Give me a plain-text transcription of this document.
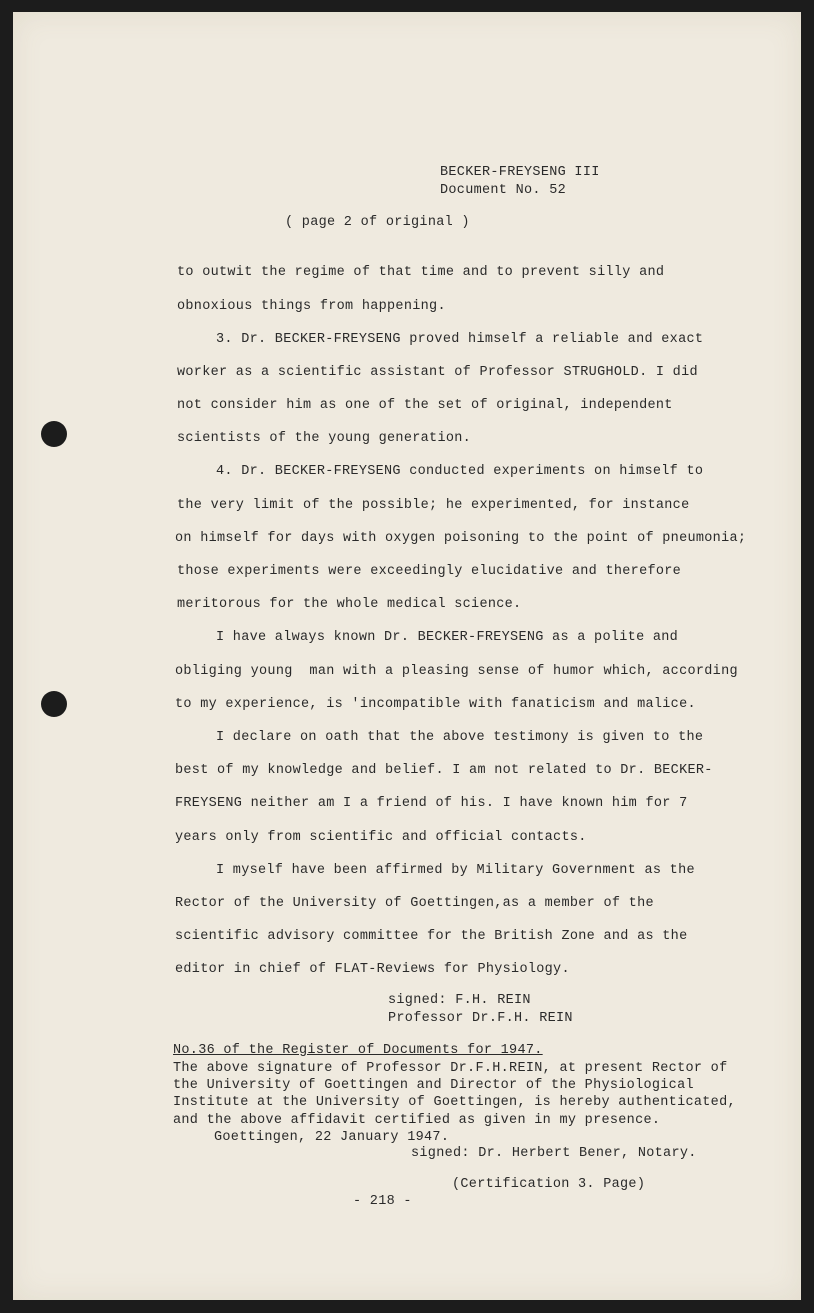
BECKER-FREYSENG III
Document No. 52
( page 2 of original )
to outwit the regime of that time and to prevent silly and
obnoxious things from happening.
3. Dr. BECKER-FREYSENG proved himself a reliable and exact
worker as a scientific assistant of Professor STRUGHOLD. I did
not consider him as one of the set of original, independent
scientists of the young generation.
4. Dr. BECKER-FREYSENG conducted experiments on himself to
the very limit of the possible; he experimented, for instance
on himself for days with oxygen poisoning to the point of pneumonia;
those experiments were exceedingly elucidative and therefore
meritorous for the whole medical science.
I have always known Dr. BECKER-FREYSENG as a polite and
obliging young  man with a pleasing sense of humor which, according
to my experience, is 'incompatible with fanaticism and malice.
I declare on oath that the above testimony is given to the
best of my knowledge and belief. I am not related to Dr. BECKER-
FREYSENG neither am I a friend of his. I have known him for 7
years only from scientific and official contacts.
I myself have been affirmed by Military Government as the
Rector of the University of Goettingen,as a member of the
scientific advisory committee for the British Zone and as the
editor in chief of FLAT-Reviews for Physiology.
signed: F.H. REIN
Professor Dr.F.H. REIN
No.36 of the Register of Documents for 1947.
The above signature of Professor Dr.F.H.REIN, at present Rector of
the University of Goettingen and Director of the Physiological
Institute at the University of Goettingen, is hereby authenticated,
and the above affidavit certified as given in my presence.
Goettingen, 22 January 1947.
signed: Dr. Herbert Bener, Notary.
(Certification 3. Page)
- 218 -
